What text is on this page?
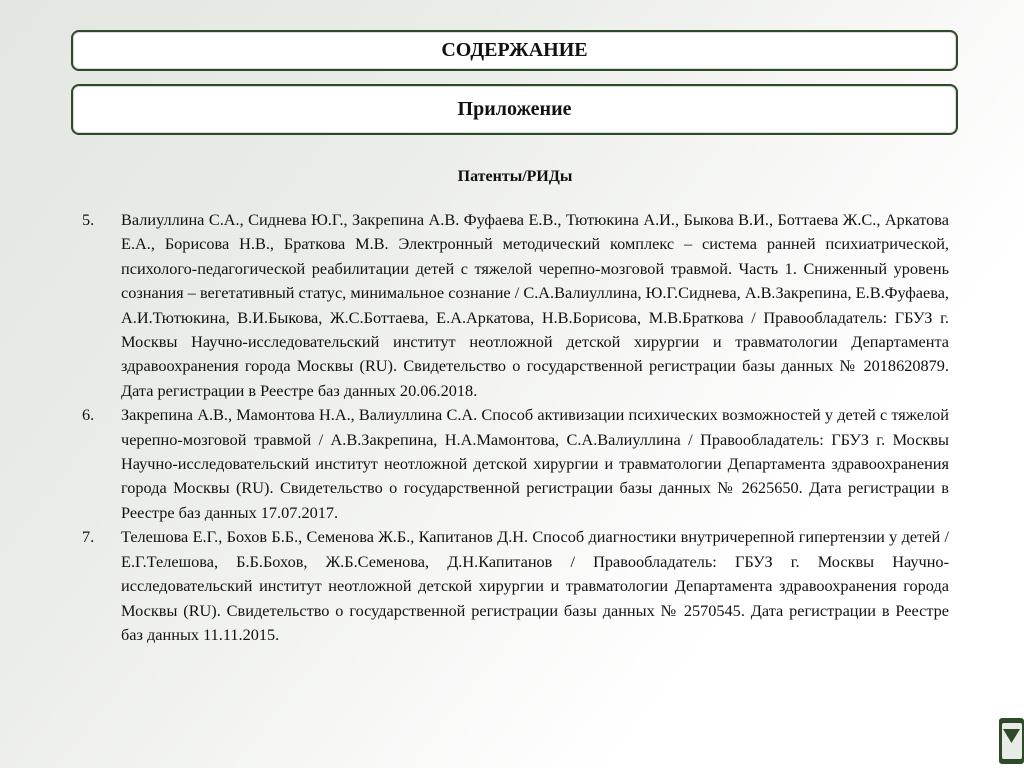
СОДЕРЖАНИЕ
Приложение
Патенты/РИДы
5. Валиуллина С.А., Сиднева Ю.Г., Закрепина А.В. Фуфаева Е.В., Тютюкина А.И., Быкова В.И., Боттаева Ж.С., Аркатова Е.А., Борисова Н.В., Браткова М.В. Электронный методический комплекс – система ранней психиатрической, психолого-педагогической реабилитации детей с тяжелой черепно-мозговой травмой. Часть 1. Сниженный уровень сознания – вегетативный статус, минимальное сознание / С.А.Валиуллина, Ю.Г.Сиднева, А.В.Закрепина, Е.В.Фуфаева, А.И.Тютюкина, В.И.Быкова, Ж.С.Боттаева, Е.А.Аркатова, Н.В.Борисова, М.В.Браткова / Правообладатель: ГБУЗ г. Москвы Научно-исследовательский институт неотложной детской хирургии и травматологии Департамента здравоохранения города Москвы (RU). Свидетельство о государственной регистрации базы данных № 2018620879. Дата регистрации в Реестре баз данных 20.06.2018.
6. Закрепина А.В., Мамонтова Н.А., Валиуллина С.А. Способ активизации психических возможностей у детей с тяжелой черепно-мозговой травмой / А.В.Закрепина, Н.А.Мамонтова, С.А.Валиуллина / Правообладатель: ГБУЗ г. Москвы Научно-исследовательский институт неотложной детской хирургии и травматологии Департамента здравоохранения города Москвы (RU). Свидетельство о государственной регистрации базы данных № 2625650. Дата регистрации в Реестре баз данных 17.07.2017.
7. Телешова Е.Г., Бохов Б.Б., Семенова Ж.Б., Капитанов Д.Н. Способ диагностики внутричерепной гипертензии у детей / Е.Г.Телешова, Б.Б.Бохов, Ж.Б.Семенова, Д.Н.Капитанов / Правообладатель: ГБУЗ г. Москвы Научно-исследовательский институт неотложной детской хирургии и травматологии Департамента здравоохранения города Москвы (RU). Свидетельство о государственной регистрации базы данных № 2570545. Дата регистрации в Реестре баз данных 11.11.2015.
